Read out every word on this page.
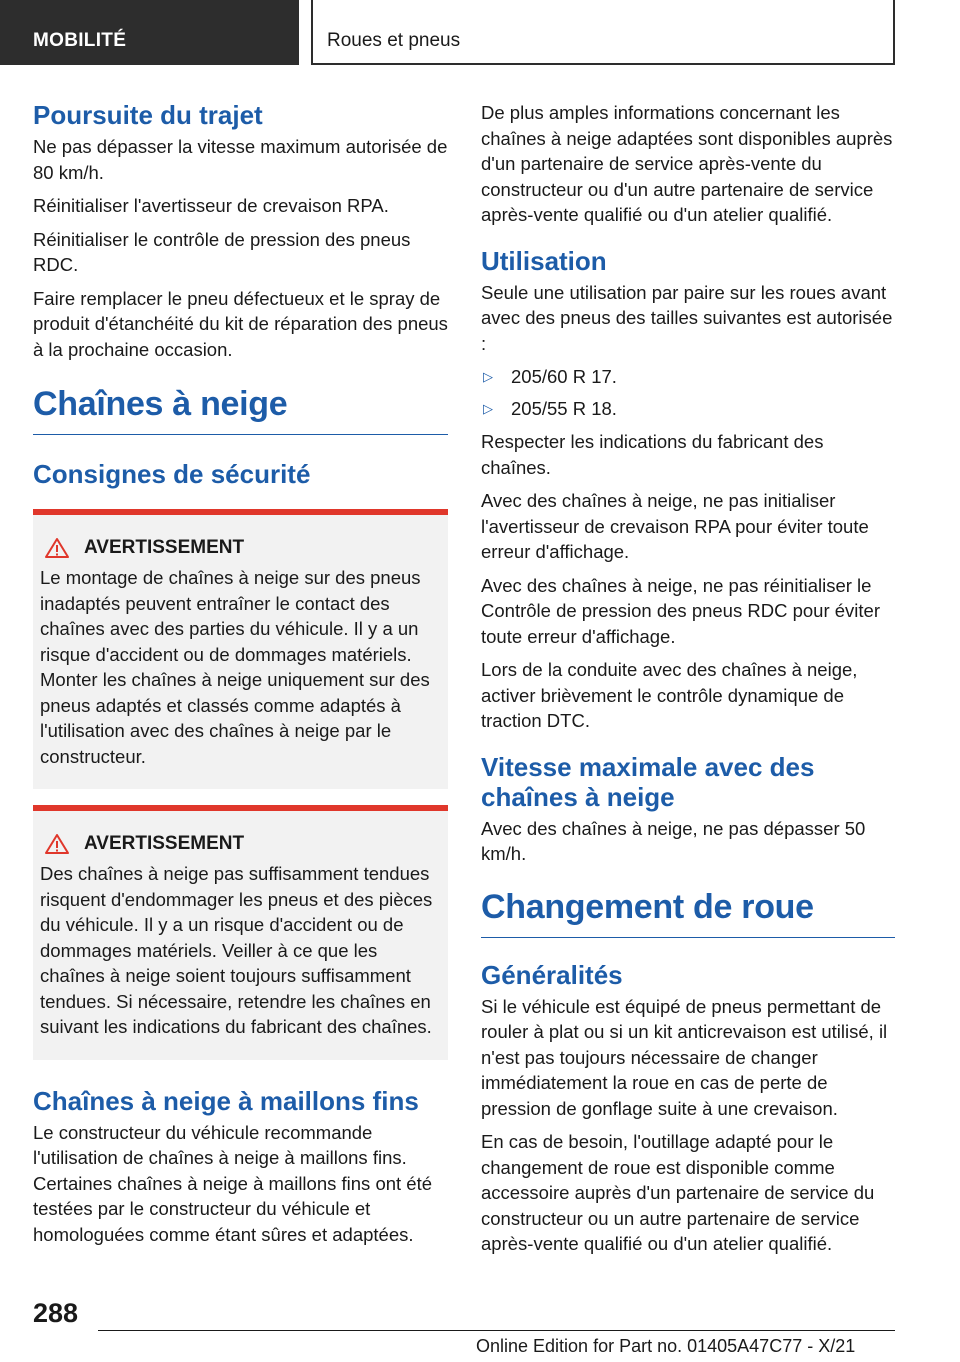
MOBILITÉ	Roues et pneus
Poursuite du trajet

Ne pas dépasser la vitesse maximum autorisée de 80 km/h.

Réinitialiser l'avertisseur de crevaison RPA.

Réinitialiser le contrôle de pression des pneus RDC.

Faire remplacer le pneu défectueux et le spray de produit d'étanchéité du kit de réparation des pneus à la prochaine occasion.

Chaînes à neige
Consignes de sécurité
AVERTISSEMENT

Le montage de chaînes à neige sur des pneus inadaptés peuvent entraîner le contact des chaînes avec des parties du véhicule. Il y a un risque d'accident ou de dommages matériels. Monter les chaînes à neige uniquement sur des pneus adaptés et classés comme adaptés à l'utilisation avec des chaînes à neige par le constructeur.

AVERTISSEMENT

Des chaînes à neige pas suffisamment tendues risquent d'endommager les pneus et des pièces du véhicule. Il y a un risque d'accident ou de dommages matériels. Veiller à ce que les chaînes à neige soient toujours suffisamment tendues. Si nécessaire, retendre les chaînes en suivant les indications du fabricant des chaînes.

Chaînes à neige à maillons fins

Le constructeur du véhicule recommande l'utilisation de chaînes à neige à maillons fins. Certaines chaînes à neige à maillons fins ont été testées par le constructeur du véhicule et homologuées comme étant sûres et adaptées.

De plus amples informations concernant les chaînes à neige adaptées sont disponibles auprès d'un partenaire de service après-vente du constructeur ou d'un autre partenaire de service après-vente qualifié ou d'un atelier qualifié.

Utilisation

Seule une utilisation par paire sur les roues avant avec des pneus des tailles suivantes est autorisée :

▷ 205/60 R 17.
▷ 205/55 R 18.

Respecter les indications du fabricant des chaînes.

Avec des chaînes à neige, ne pas initialiser l'avertisseur de crevaison RPA pour éviter toute erreur d'affichage.

Avec des chaînes à neige, ne pas réinitialiser le Contrôle de pression des pneus RDC pour éviter toute erreur d'affichage.

Lors de la conduite avec des chaînes à neige, activer brièvement le contrôle dynamique de traction DTC.

Vitesse maximale avec des chaînes à neige

Avec des chaînes à neige, ne pas dépasser 50 km/h.

Changement de roue
Généralités

Si le véhicule est équipé de pneus permettant de rouler à plat ou si un kit anticrevaison est utilisé, il n'est pas toujours nécessaire de changer immédiatement la roue en cas de perte de pression de gonflage suite à une crevaison.

En cas de besoin, l'outillage adapté pour le changement de roue est disponible comme accessoire auprès d'un partenaire de service du constructeur ou un autre partenaire de service après-vente qualifié ou d'un atelier qualifié.

288
Online Edition for Part no. 01405A47C77 - X/21
